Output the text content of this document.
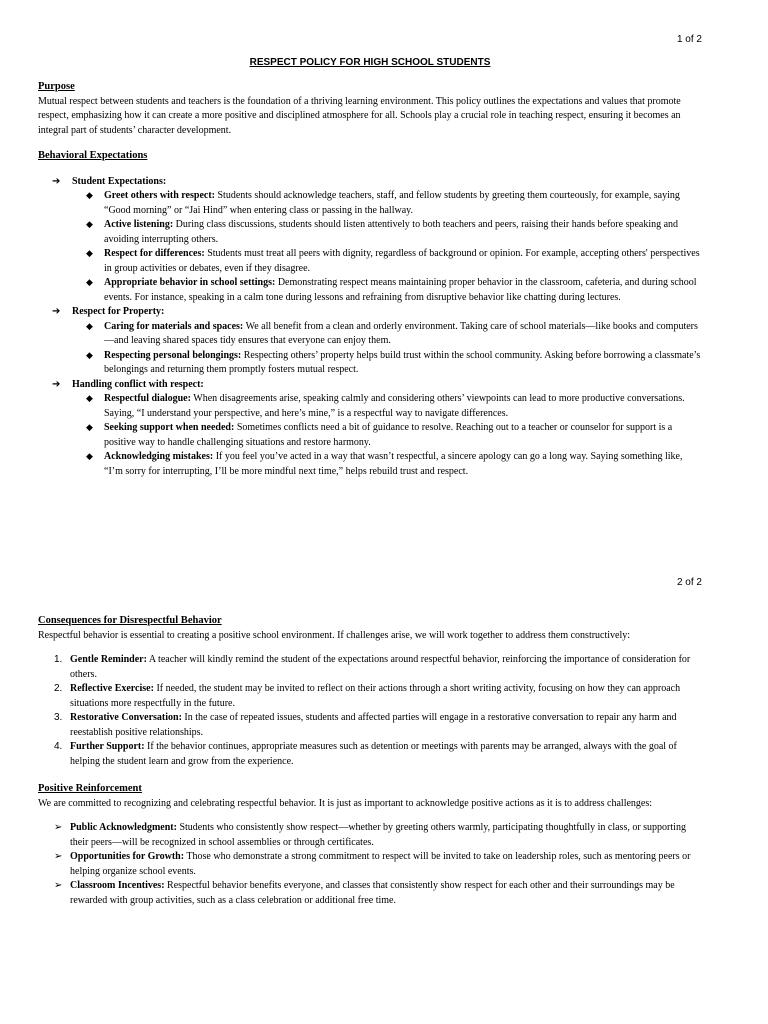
1 of 2
RESPECT POLICY FOR HIGH SCHOOL STUDENTS
Purpose

Mutual respect between students and teachers is the foundation of a thriving learning environment. This policy outlines the expectations and values that promote respect, emphasizing how it can create a more positive and disciplined atmosphere for all. Schools play a crucial role in teaching respect, ensuring it becomes an integral part of students’ character development.

Behavioral Expectations
➔ Student Expectations:
◆ Greet others with respect: Students should acknowledge teachers, staff, and fellow students by greeting them courteously, for example, saying “Good morning” or “Jai Hind” when entering class or passing in the hallway.
◆ Active listening: During class discussions, students should listen attentively to both teachers and peers, raising their hands before speaking and avoiding interrupting others.
◆ Respect for differences: Students must treat all peers with dignity, regardless of background or opinion. For example, accepting others' perspectives in group activities or debates, even if they disagree.
◆ Appropriate behavior in school settings: Demonstrating respect means maintaining proper behavior in the classroom, cafeteria, and during school events. For instance, speaking in a calm tone during lessons and refraining from disruptive behavior like chatting during lectures.
➔ Respect for Property:
◆ Caring for materials and spaces: We all benefit from a clean and orderly environment. Taking care of school materials—like books and computers—and leaving shared spaces tidy ensures that everyone can enjoy them.
◆ Respecting personal belongings: Respecting others’ property helps build trust within the school community. Asking before borrowing a classmate’s belongings and returning them promptly fosters mutual respect.
➔ Handling conflict with respect:
◆ Respectful dialogue: When disagreements arise, speaking calmly and considering others’ viewpoints can lead to more productive conversations. Saying, “I understand your perspective, and here’s mine,” is a respectful way to navigate differences.
◆ Seeking support when needed: Sometimes conflicts need a bit of guidance to resolve. Reaching out to a teacher or counselor for support is a positive way to handle challenging situations and restore harmony.
◆ Acknowledging mistakes: If you feel you’ve acted in a way that wasn’t respectful, a sincere apology can go a long way. Saying something like, “I’m sorry for interrupting, I’ll be more mindful next time,” helps rebuild trust and respect.
2 of 2
Consequences for Disrespectful Behavior

Respectful behavior is essential to creating a positive school environment. If challenges arise, we will work together to address them constructively:

1. Gentle Reminder: A teacher will kindly remind the student of the expectations around respectful behavior, reinforcing the importance of consideration for others.
2. Reflective Exercise: If needed, the student may be invited to reflect on their actions through a short writing activity, focusing on how they can approach situations more respectfully in the future.
3. Restorative Conversation: In the case of repeated issues, students and affected parties will engage in a restorative conversation to repair any harm and reestablish positive relationships.
4. Further Support: If the behavior continues, appropriate measures such as detention or meetings with parents may be arranged, always with the goal of helping the student learn and grow from the experience.
Positive Reinforcement

We are committed to recognizing and celebrating respectful behavior. It is just as important to acknowledge positive actions as it is to address challenges:

➢ Public Acknowledgment: Students who consistently show respect—whether by greeting others warmly, participating thoughtfully in class, or supporting their peers—will be recognized in school assemblies or through certificates.
➢ Opportunities for Growth: Those who demonstrate a strong commitment to respect will be invited to take on leadership roles, such as mentoring peers or helping organize school events.
➢ Classroom Incentives: Respectful behavior benefits everyone, and classes that consistently show respect for each other and their surroundings may be rewarded with group activities, such as a class celebration or additional free time.
